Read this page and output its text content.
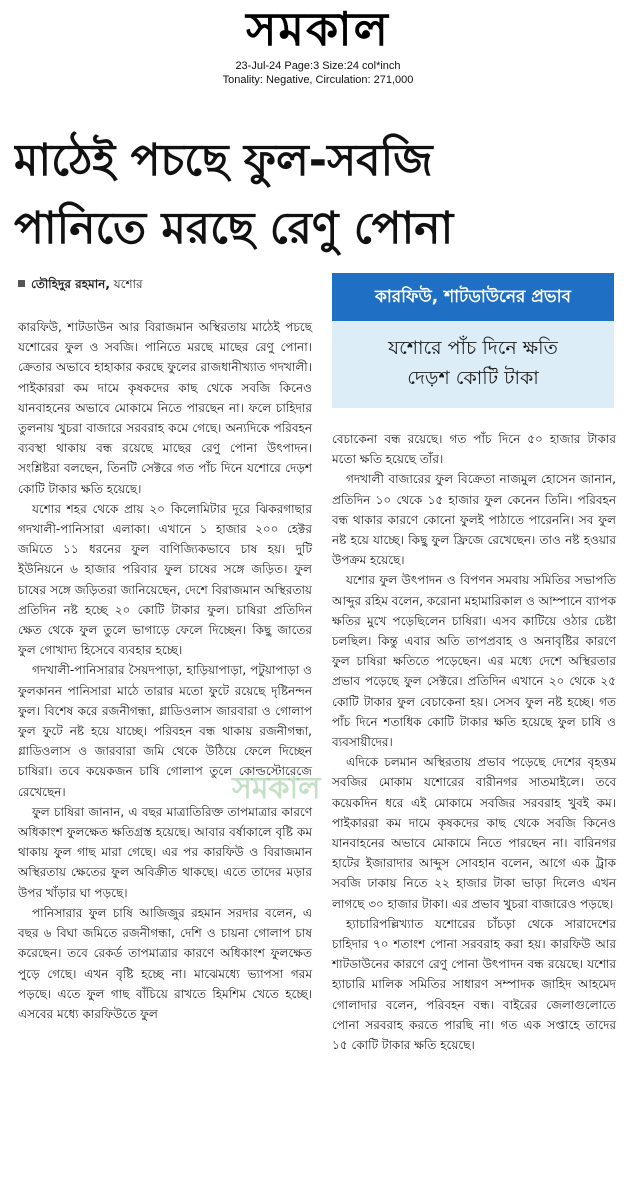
সমকাল
23-Jul-24 Page:3 Size:24 col*inch
Tonality: Negative, Circulation: 271,000
মাঠেই পচছে ফুল-সবজি
পানিতে মরছে রেণু পোনা
তৌহিদুর রহমান, যশোর
কারফিউ, শাটডাউনের প্রভাব
যশোরে পাঁচ দিনে ক্ষতি
দেড়শ কোটি টাকা

কারফিউ, শাটডাউন আর বিরাজমান অস্থিরতায় মাঠেই পচছে যশোরের ফুল ও সবজি। পানিতে মরছে মাছের রেণু পোনা। ক্রেতার অভাবে হাহাকার করছে ফুলের রাজধানীখ্যাত গদখালী। পাইকাররা কম দামে কৃষকদের কাছ থেকে সবজি কিনেও যানবাহনের অভাবে মোকামে নিতে পারছেন না। ফলে চাহিদার তুলনায় খুচরা বাজারে সরবরাহ কমে গেছে। অন্যদিকে পরিবহন ব্যবস্থা থাকায় বন্ধ রয়েছে মাছের রেণু পোনা উৎপাদন। সংশ্লিষ্টরা বলছেন, তিনটি সেক্টরে গত পাঁচ দিনে যশোরে দেড়শ কোটি টাকার ক্ষতি হয়েছে।

যশোর শহর থেকে প্রায় ২০ কিলোমিটার দূরে ঝিকরগাছার গদখালী-পানিসারা এলাকা। এখানে ১ হাজার ২০০ হেক্টর জমিতে ১১ ধরনের ফুল বাণিজ্যিকভাবে চাষ হয়। দুটি ইউনিয়নে ৬ হাজার পরিবার ফুল চাষের সঙ্গে জড়িত। ফুল চাষের সঙ্গে জড়িতরা জানিয়েছেন, দেশে বিরাজমান অস্থিরতায় প্রতিদিন নষ্ট হচ্ছে ২০ কোটি টাকার ফুল। চাষিরা প্রতিদিন ক্ষেত থেকে ফুল তুলে ভাগাড়ে ফেলে দিচ্ছেন। কিছু জাতের ফুল গোখাদ্য হিসেবে ব্যবহার হচ্ছে।

গদখালী-পানিসারার সৈয়দপাড়া, হাড়িয়াপাড়া, পটুয়াপাড়া ও ফুলকানন পানিসারা মাঠে তারার মতো ফুটে রয়েছে দৃষ্টিনন্দন ফুল। বিশেষ করে রজনীগন্ধা, গ্লাডিওলাস জারবারা ও গোলাপ ফুল ফুটে নষ্ট হয়ে যাচ্ছে। পরিবহন বন্ধ থাকায় রজনীগন্ধা, গ্লাডিওলাস ও জারবারা জমি থেকে উঠিয়ে ফেলে দিচ্ছেন চাষিরা। তবে কয়েকজন চাষি গোলাপ তুলে কোল্ডস্টোরেজে রেখেছেন।

ফুল চাষিরা জানান, এ বছর মাত্রাতিরিক্ত তাপমাত্রার কারণে অধিকাংশ ফুলক্ষেত ক্ষতিগ্রস্ত হয়েছে। আবার বর্ষাকালে বৃষ্টি কম থাকায় ফুল গাছ মারা গেছে। এর পর কারফিউ ও বিরাজমান অস্থিরতায় ক্ষেতের ফুল অবিক্রীত থাকছে। এতে তাদের মড়ার উপর খাঁড়ার ঘা পড়ছে।

পানিসারার ফুল চাষি আজিজুর রহমান সরদার বলেন, এ বছর ৬ বিঘা জমিতে রজনীগন্ধা, দেশি ও চায়না গোলাপ চাষ করেছেন। তবে রেকর্ড তাপমাত্রার কারণে অধিকাংশ ফুলক্ষেত পুড়ে গেছে। এখন বৃষ্টি হচ্ছে না। মাঝেমধ্যে ভ্যাপসা গরম পড়ছে। এতে ফুল গাছ বাঁচিয়ে রাখতে হিমশিম খেতে হচ্ছে। এসবের মধ্যে কারফিউতে ফুল

বেচাকেনা বন্ধ রয়েছে। গত পাঁচ দিনে ৫০ হাজার টাকার মতো ক্ষতি হয়েছে তাঁর।

গদখালী বাজারের ফুল বিক্রেতা নাজমুল হোসেন জানান, প্রতিদিন ১০ থেকে ১৫ হাজার ফুল কেনেন তিনি। পরিবহন বন্ধ থাকার কারণে কোনো ফুলই পাঠাতে পারেননি। সব ফুল নষ্ট হয়ে যাচ্ছে। কিছু ফুল ফ্রিজে রেখেছেন। তাও নষ্ট হওয়ার উপক্রম হয়েছে।

যশোর ফুল উৎপাদন ও বিপণন সমবায় সমিতির সভাপতি আব্দুর রহিম বলেন, করোনা মহামারিকাল ও আম্পানে ব্যাপক ক্ষতির মুখে পড়েছিলেন চাষিরা। এসব কাটিয়ে ওঠার চেষ্টা চলছিল। কিন্তু এবার অতি তাপপ্রবাহ ও অনাবৃষ্টির কারণে ফুল চাষিরা ক্ষতিতে পড়েছেন। এর মধ্যে দেশে অস্থিরতার প্রভাব পড়েছে ফুল সেক্টরে। প্রতিদিন এখানে ২০ থেকে ২৫ কোটি টাকার ফুল বেচাকেনা হয়। সেসব ফুল নষ্ট হচ্ছে। গত পাঁচ দিনে শতাধিক কোটি টাকার ক্ষতি হয়েছে ফুল চাষি ও ব্যবসায়ীদের।

এদিকে চলমান অস্থিরতায় প্রভাব পড়েছে দেশের বৃহত্তম সবজির মোকাম যশোরের বারীনগর সাতমাইলে। তবে কয়েকদিন ধরে এই মোকামে সবজির সরবরাহ খুবই কম। পাইকাররা কম দামে কৃষকদের কাছ থেকে সবজি কিনেও যানবাহনের অভাবে মোকামে নিতে পারছেন না। বারিনগর হাটের ইজারাদার আব্দুস সোবহান বলেন, আগে এক ট্রাক সবজি ঢাকায় নিতে ২২ হাজার টাকা ভাড়া দিলেও এখন লাগছে ৩০ হাজার টাকা। এর প্রভাব খুচরা বাজারেও পড়ছে।

হ্যাচারিপল্লিখ্যাত যশোরের চাঁচড়া থেকে সারাদেশের চাহিদার ৭০ শতাংশ পোনা সরবরাহ করা হয়। কারফিউ আর শাটডাউনের কারণে রেণু পোনা উৎপাদন বন্ধ রয়েছে। যশোর হ্যাচারি মালিক সমিতির সাধারণ সম্পাদক জাহিদ আহমেদ গোলাদার বলেন, পরিবহন বন্ধ। বাইরের জেলাগুলোতে পোনা সরবরাহ করতে পারছি না। গত এক সপ্তাহে তাদের ১৫ কোটি টাকার ক্ষতি হয়েছে।

সমকাল
